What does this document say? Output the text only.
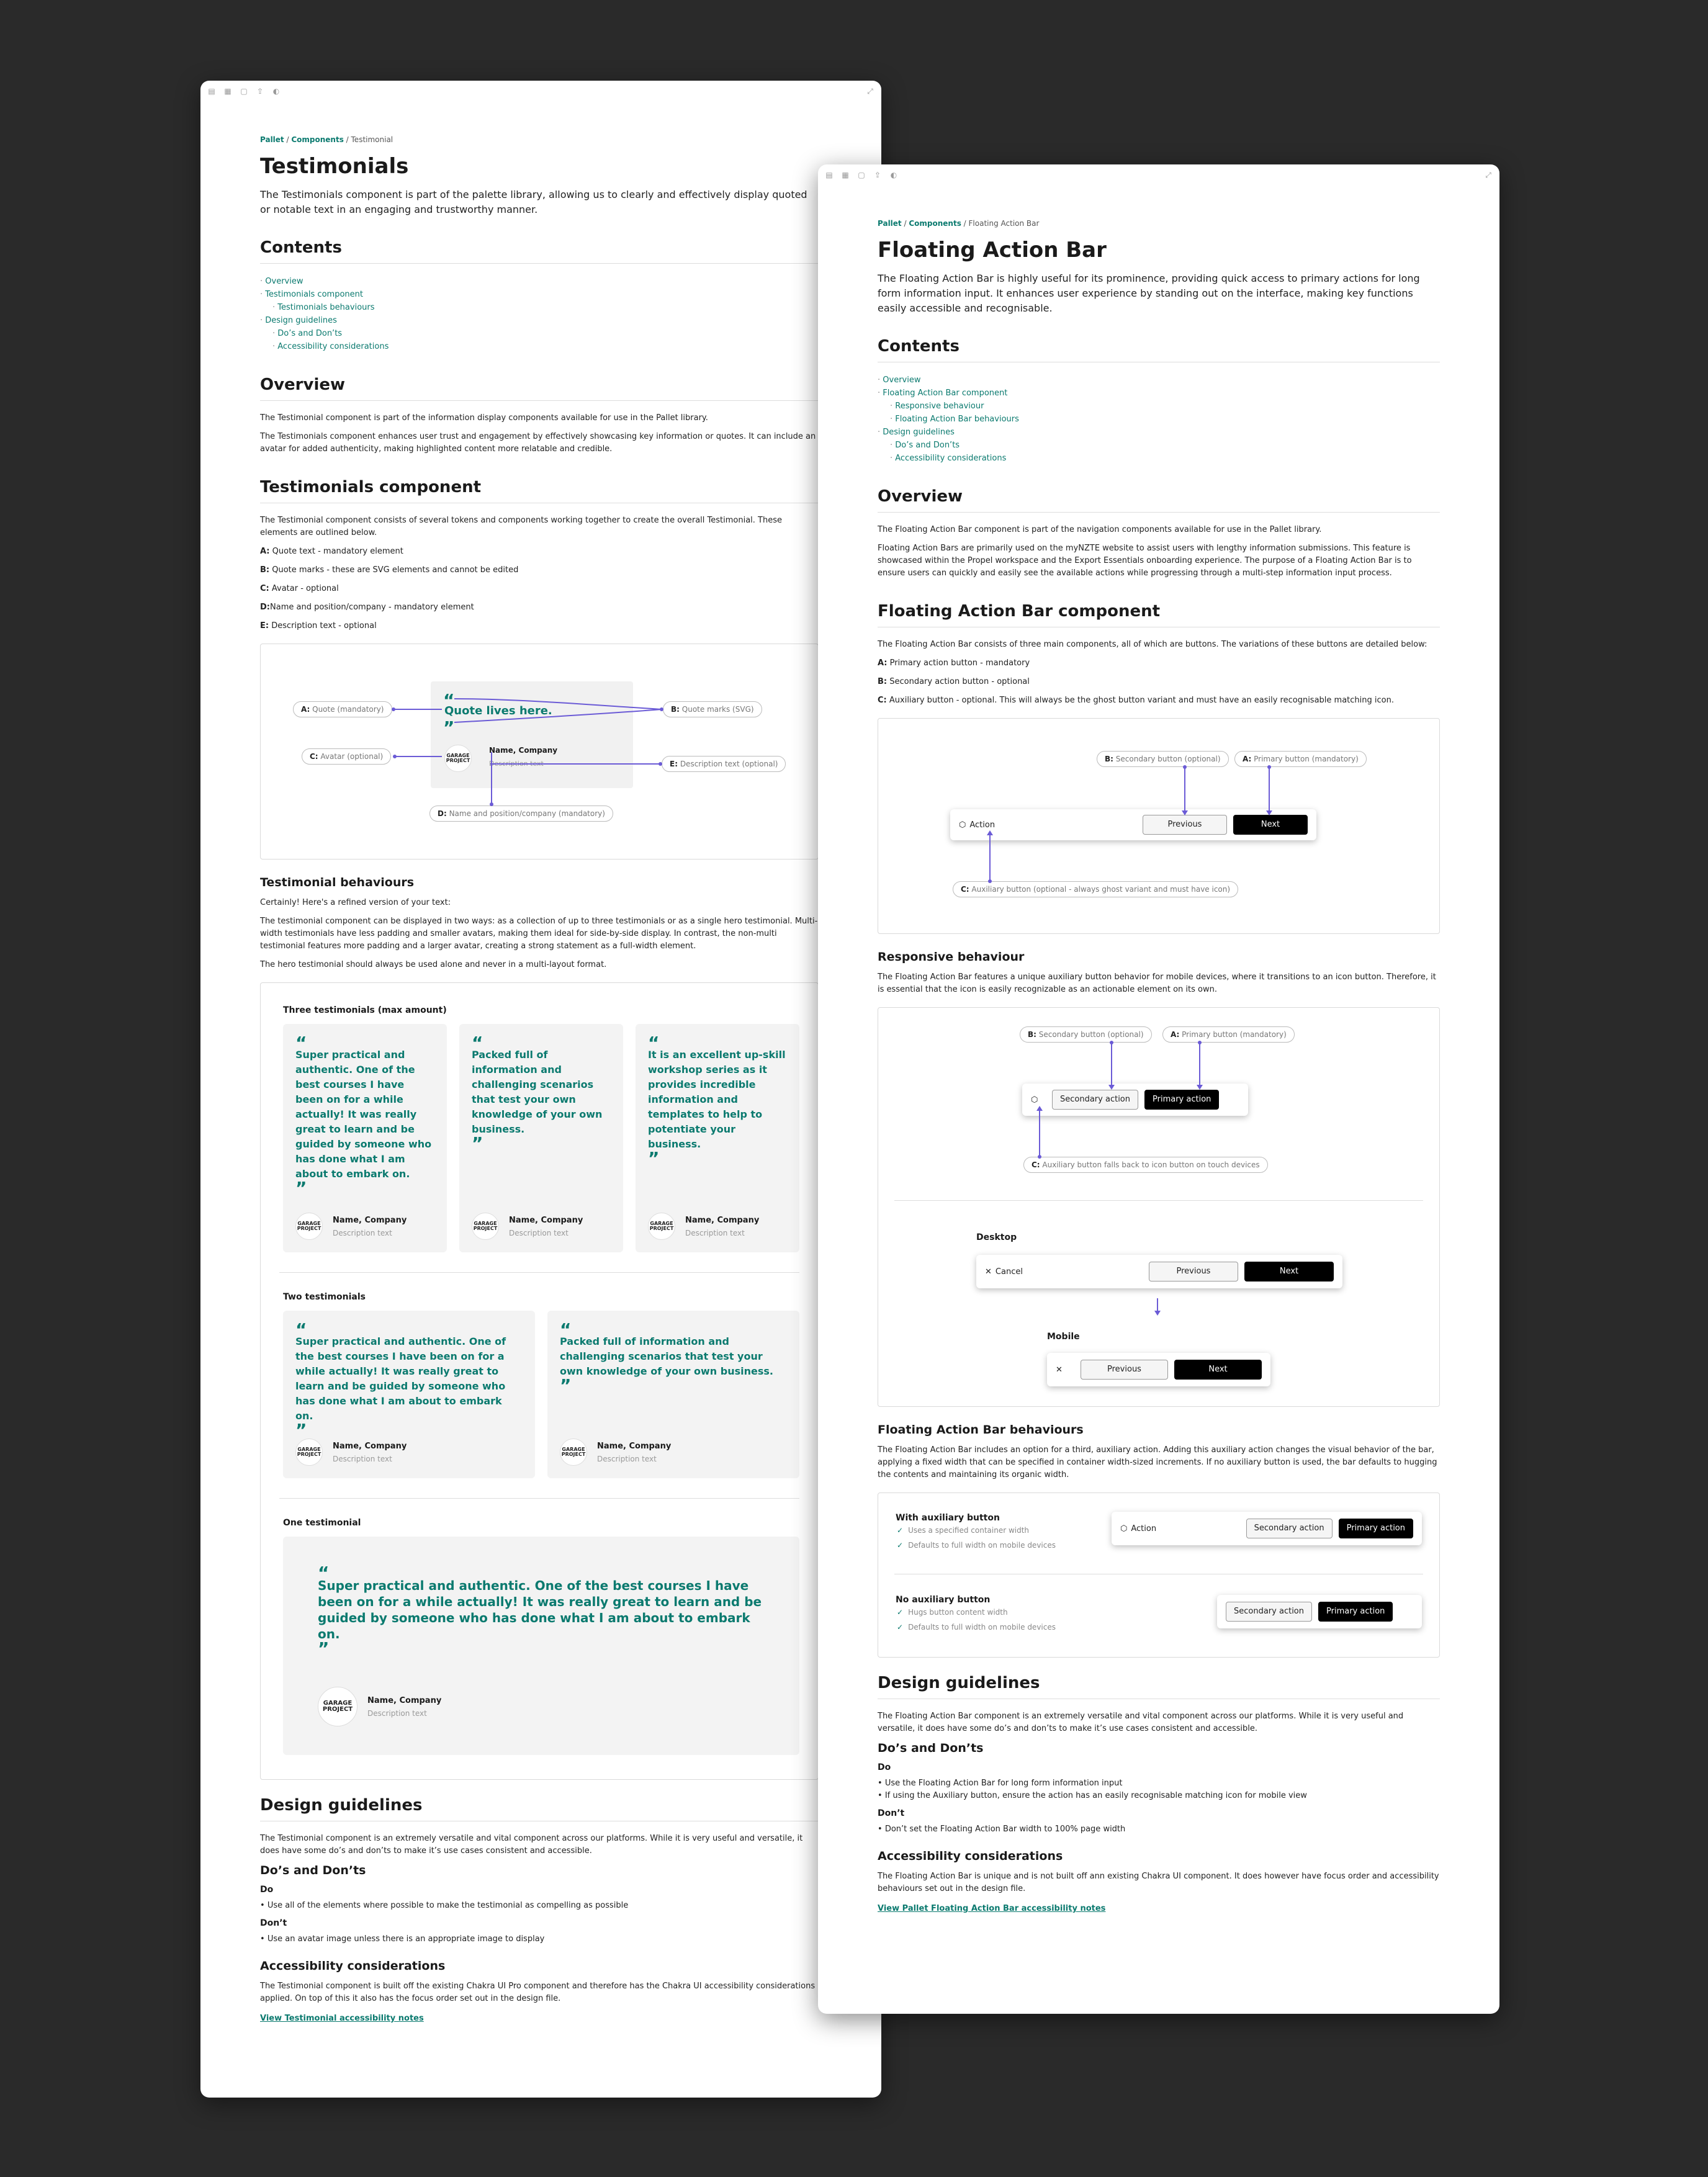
▤ ▦ ▢ ⇪ ◐	⤢
Pallet / Components / Testimonial
Testimonials

The Testimonials component is part of the palette library, allowing us to clearly and effectively display quoted or notable text in an engaging and trustworthy manner.

Contents
· Overview
· Testimonials component
· Testimonials behaviours
· Design guidelines
· Do’s and Don’ts
· Accessibility considerations
Overview

The Testimonial component is part of the information display components available for use in the Pallet library.

The Testimonials component enhances user trust and engagement by effectively showcasing key information or quotes. It can include an avatar for added authenticity, making highlighted content more relatable and credible.

Testimonials component

The Testimonial component consists of several tokens and components working together to create the overall Testimonial. These elements are outlined below.

A: Quote text - mandatory element

B: Quote marks - these are SVG elements and cannot be edited

C: Avatar - optional

D:Name and position/company - mandatory element

E: Description text - optional

“
Quote lives here.
”
GARAGE PROJECT
Name, Company
Description text
A: Quote (mandatory)	B: Quote marks (SVG)
C: Avatar (optional)
E: Description text (optional)
D: Name and position/company (mandatory)
Testimonial behaviours

Certainly! Here's a refined version of your text:

The testimonial component can be displayed in two ways: as a collection of up to three testimonials or as a single hero testimonial. Multi-width testimonials have less padding and smaller avatars, making them ideal for side-by-side display. In contrast, the non-multi testimonial features more padding and a larger avatar, creating a strong statement as a full-width element.

The hero testimonial should always be used alone and never in a multi-layout format.

Three testimonials (max amount)
“
Super practical and authentic. One of the best courses I have been on for a while actually! It was really great to learn and be guided by someone who has done what I am about to embark on.
”
GARAGE PROJECT
Name, Company
Description text
“
Packed full of information and challenging scenarios that test your own knowledge of your own business.
”
GARAGE PROJECT
Name, Company
Description text
“
It is an excellent up-skill workshop series as it provides incredible information and templates to help to potentiate your business.
”
GARAGE PROJECT
Name, Company
Description text
Two testimonials
“
Super practical and authentic. One of the best courses I have been on for a while actually! It was really great to learn and be guided by someone who has done what I am about to embark on.
”
GARAGE PROJECT
Name, Company
Description text
“
Packed full of information and challenging scenarios that test your own knowledge of your own business.
”
GARAGE PROJECT
Name, Company
Description text
One testimonial
“
Super practical and authentic. One of the best courses I have been on for a while actually! It was really great to learn and be guided by someone who has done what I am about to embark on.
”
GARAGE PROJECT
Name, Company
Description text
Design guidelines

The Testimonial component is an extremely versatile and vital component across our platforms. While it is very useful and versatile, it does have some do’s and don’ts to make it’s use cases consistent and accessible.

Do’s and Don’ts
Do
• Use all of the elements where possible to make the testimonial as compelling as possible
Don’t
• Use an avatar image unless there is an appropriate image to display
Accessibility considerations

The Testimonial component is built off the existing Chakra UI Pro component and therefore has the Chakra UI accessibility considerations applied. On top of this it also has the focus order set out in the design file.

View Testimonial accessibility notes
▤ ▦ ▢ ⇪ ◐	⤢
Pallet / Components / Floating Action Bar
Floating Action Bar

The Floating Action Bar is highly useful for its prominence, providing quick access to primary actions for long form information input. It enhances user experience by standing out on the interface, making key functions easily accessible and recognisable.

Contents
· Overview
· Floating Action Bar component
· Responsive behaviour
· Floating Action Bar behaviours
· Design guidelines
· Do’s and Don’ts
· Accessibility considerations
Overview

The Floating Action Bar component is part of the navigation components available for use in the Pallet library.

Floating Action Bars are primarily used on the myNZTE website to assist users with lengthy information submissions. This feature is showcased within the Propel workspace and the Export Essentials onboarding experience. The purpose of a Floating Action Bar is to ensure users can quickly and easily see the available actions while progressing through a multi-step information input process.

Floating Action Bar component

The Floating Action Bar consists of three main components, all of which are buttons. The variations of these buttons are detailed below:

A: Primary action button - mandatory

B: Secondary action button - optional

C: Auxiliary button - optional. This will always be the ghost button variant and must have an easily recognisable matching icon.

B: Secondary button (optional)	A: Primary button (mandatory)
⬡ Action	Previous	Next
C: Auxiliary button (optional - always ghost variant and must have icon)
Responsive behaviour

The Floating Action Bar features a unique auxiliary button behavior for mobile devices, where it transitions to an icon button. Therefore, it is essential that the icon is easily recognizable as an actionable element on its own.

B: Secondary button (optional)	A: Primary button (mandatory)
⬡	Secondary action	Primary action
C: Auxiliary button falls back to icon button on touch devices
Desktop
✕ Cancel	Previous	Next
Mobile
✕	Previous	Next
Floating Action Bar behaviours

The Floating Action Bar includes an option for a third, auxiliary action. Adding this auxiliary action changes the visual behavior of the bar, applying a fixed width that can be specified in container width-sized increments. If no auxiliary button is used, the bar defaults to hugging the contents and maintaining its organic width.

With auxiliary button
✓ Uses a specified container width
✓ Defaults to full width on mobile devices
⬡ Action	Secondary action	Primary action
No auxiliary button
✓ Hugs button content width
✓ Defaults to full width on mobile devices
Secondary action	Primary action
Design guidelines

The Floating Action Bar component is an extremely versatile and vital component across our platforms. While it is very useful and versatile, it does have some do’s and don’ts to make it’s use cases consistent and accessible.

Do’s and Don’ts
Do
• Use the Floating Action Bar for long form information input
• If using the Auxiliary button, ensure the action has an easily recognisable matching icon for mobile view
Don’t
• Don’t set the Floating Action Bar width to 100% page width
Accessibility considerations

The Floating Action Bar is unique and is not built off ann existing Chakra UI component. It does however have focus order and accessibility behaviours set out in the design file.

View Pallet Floating Action Bar accessibility notes
